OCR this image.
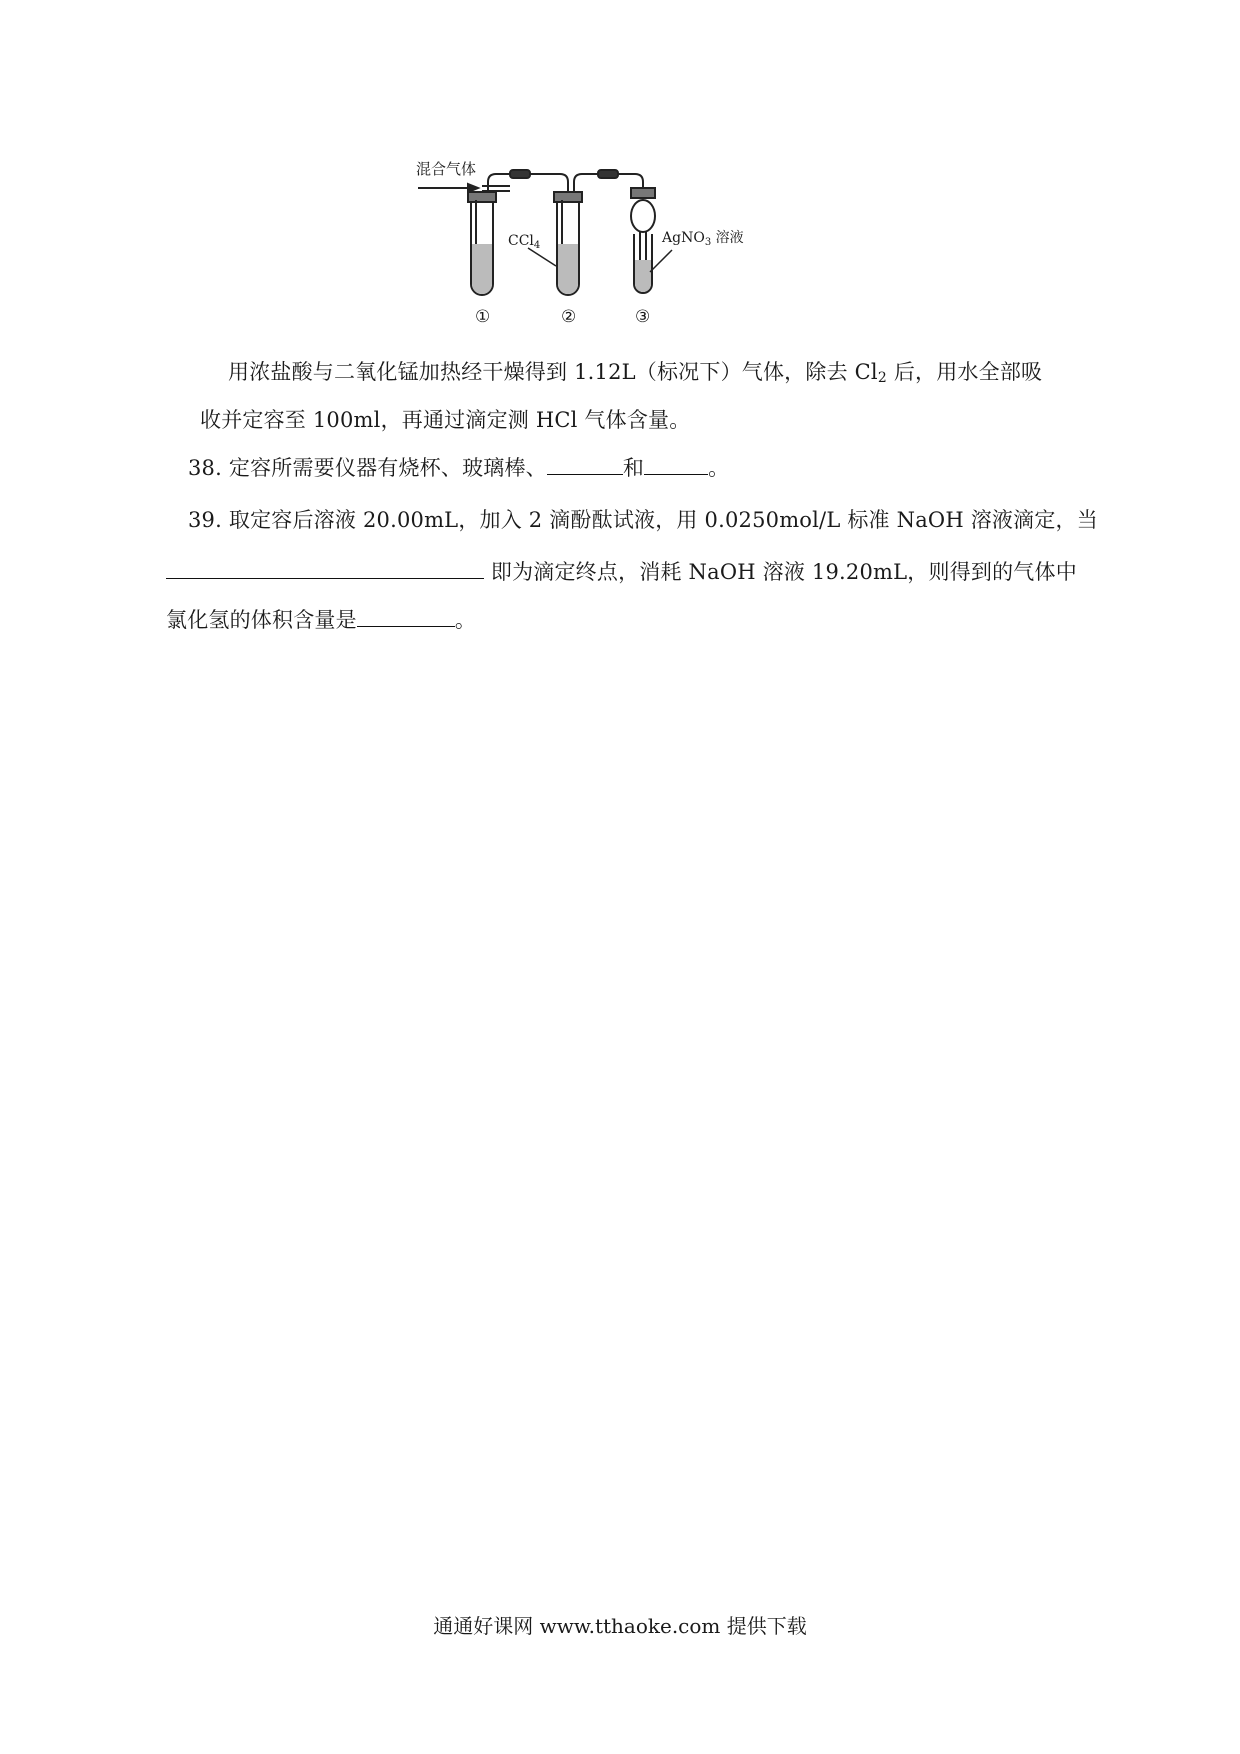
混合气体
CCl$_4$	AgNO$_3$ 溶液
①	②	③
用浓盐酸与二氧化锰加热经干燥得到 1.12L（标况下）气体，除去 $Cl_2$ 后，用水全部吸
收并定容至 100ml，再通过滴定测 HCl 气体含量。
38. 定容所需要仪器有烧杯、玻璃棒、	和	。
39. 取定容后溶液 20.00mL，加入 2 滴酚酞试液，用 0.0250mol/L 标准 NaOH 溶液滴定，当
即为滴定终点，消耗 NaOH 溶液 19.20mL，则得到的气体中
氯化氢的体积含量是	。
通通好课网 www.tthaoke.com 提供下载
